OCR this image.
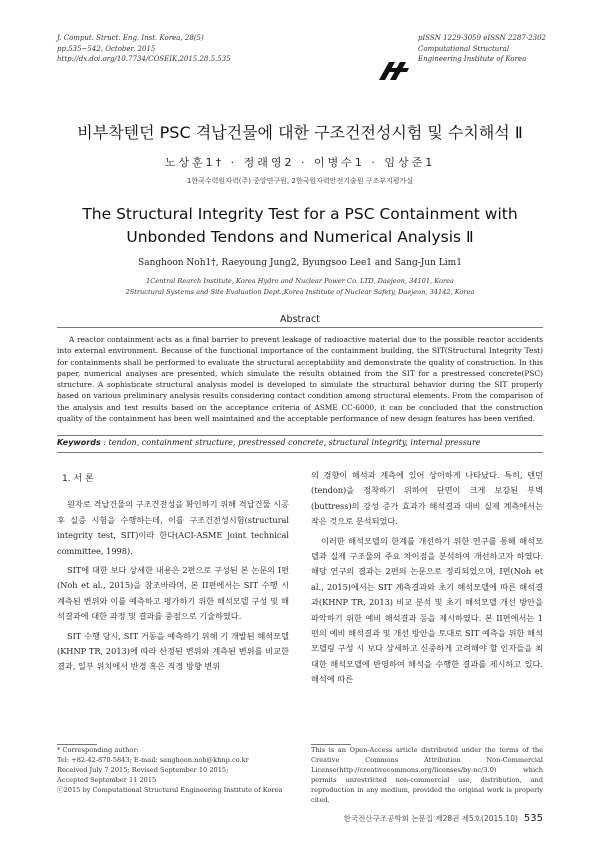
J. Comput. Struct. Eng. Inst. Korea, 28(5)
pp.535~542, October, 2015
http://dx.doi.org/10.7734/COSEIK.2015.28.5.535
pISSN 1229-3059 eISSN 2287-2302
Computational Structural
Engineering Institute of Korea
비부착텐던 PSC 격납건물에 대한 구조건전성시험 및 수치해석 Ⅱ
노상훈1† · 정래영2 · 이병수1 · 임상준1
1한국수력원자력(주) 중앙연구원, 2한국원자력안전기술원 구조부지평가실
The Structural Integrity Test for a PSC Containment with
Unbonded Tendons and Numerical Analysis Ⅱ
Sanghoon Noh1†, Raeyoung Jung2, Byungsoo Lee1 and Sang-Jun Lim1
1Central Rearch Institute, Korea Hydro and Nuclear Power Co. LTD, Daejeon, 34101, Korea
2Structural Systems and Site Evaluation Dept.,Korea Institute of Nuclear Safety, Daejeon, 34142, Korea
Abstract
A reactor containment acts as a final barrier to prevent leakage of radioactive material due to the possible reactor accidents into external environment. Because of the functional importance of the containment building, the SIT(Structural Integrity Test) for containments shall be performed to evaluate the structural acceptability and demonstrate the quality of construction. In this paper, numerical analyses are presented, which simulate the results obtained from the SIT for a prestressed concrete(PSC) structure. A sophisticate structural analysis model is developed to simulate the structural behavior during the SIT properly based on various preliminary analysis results considering contact condition among structural elements. From the comparison of the analysis and test results based on the acceptance criteria of ASME CC-6000, it can be concluded that the construction quality of the containment has been well maintained and the acceptable performance of new design features has been verified.
Keywords : tendon, containment structure, prestressed concrete, structural integrity, internal pressure
1. 서 론

원자로 격납건물의 구조건전성을 확인하기 위해 격납건물 시공 후 실증 시험을 수행하는데, 이를 구조건전성시험(structural integrity test, SIT)이라 한다(ACI-ASME joint technical committee, 1998).

SIT에 대한 보다 상세한 내용은 2편으로 구성된 본 논문의 I편(Noh et al., 2015)을 참조바라며, 본 II편에서는 SIT 수행 시 계측된 변위와 이를 예측하고 평가하기 위한 해석모델 구성 및 해석결과에 대한 과정 및 결과를 중점으로 기술하였다.

SIT 수행 당시, SIT 거동을 예측하기 위해 기 개발된 해석모델(KHNP TR, 2013)에 따라 산정된 변위와 계측된 변위를 비교한 결과, 일부 위치에서 반경 혹은 직경 방향 변위

의 경향이 해석과 계측에 있어 상이하게 나타났다. 특히, 텐던(tendon)을 정착하기 위하여 단면이 크게 보강된 부벽(buttress)의 강성 증가 효과가 해석결과 대비 실제 계측에서는 작은 것으로 분석되었다.

이러한 해석모델의 한계를 개선하기 위한 연구를 통해 해석모델과 실제 구조물의 주요 차이점을 분석하여 개선하고자 하였다. 해당 연구의 결과는 2편의 논문으로 정리되었으며, I편(Noh et al., 2015)에서는 SIT 계측결과와 초기 해석모델에 따른 해석결과(KHNP TR, 2013) 비교 분석 및 초기 해석모델 개선 방안을 파악하기 위한 예비 해석결과 등을 제시하였다. 본 II편에서는 1편의 예비 해석결과 및 개선 방안을 토대로 SIT 예측을 위한 해석 모델링 구성 시 보다 상세하고 신중하게 고려해야 할 인자들을 최대한 해석모델에 반영하여 해석을 수행한 결과를 제시하고 있다. 해석에 따른

* Corresponding author:
Tel: +82-42-870-5843; E-mail: sanghoon.noh@khnp.co.kr
Received July 7 2015; Revised September 10 2015;
Accepted September 11 2015
ⓒ2015 by Computational Structural Engineering Institute of Korea
This is an Open-Access article distributed under the terms of the Creative Commons Attribution Non-Commercial License(http://creativecommons.org/licenses/by-nc/3.0) which permits unrestricted non-commercial use, distribution, and reproduction in any medium, provided the original work is properly cited.
한국전산구조공학회 논문집 제28권 제5호(2015.10) 535
